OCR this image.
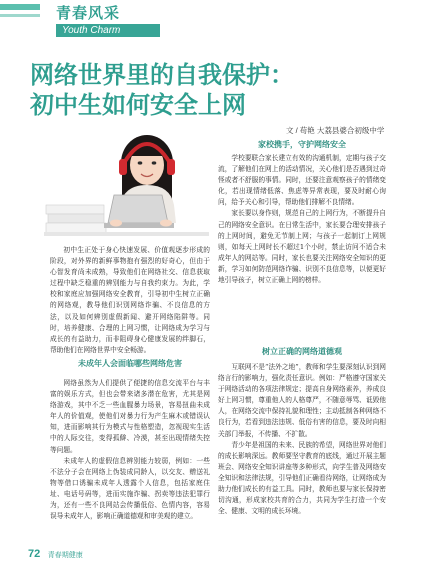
青春风采
Youth Charm
网络世界里的自我保护：
初中生如何安全上网
文 / 苟艳 大荔县婆合初级中学
家校携手，守护网络安全

学校要联合家长建立有效的沟通机制，定期与孩子交流，了解他们在网上的活动情况，关心他们是否遇到过奇怪或者不舒服的事情。同时，还要注意观察孩子的情绪变化，若出现情绪低落、焦虑等异常表现，要及时耐心询问，给予关心和引导，帮助他们排解不良情绪。

家长要以身作则，规范自己的上网行为，不断提升自己的网络安全意识。在日常生活中，家长要合理安排孩子的上网时间，避免无节制上网；与孩子一起制订上网规则，如每天上网时长不超过1个小时，禁止访问不适合未成年人的网站等。同时，家长也要关注网络安全知识的更新，学习如何防范网络诈骗、识别不良信息等，以便更好地引导孩子，树立正确上网的榜样。

初中生正处于身心快速发展、价值观逐步形成的阶段，对外界的新鲜事物抱有强烈的好奇心，但由于心智发育尚未成熟，导致他们在网络社交、信息获取过程中缺乏稳重的辨别能力与自我约束力。为此，学校和家庭应加强网络安全教育，引导初中生树立正确的网络观，教导他们识别网络诈骗、不良信息的方法，以及如何辨别虚假新闻、避开网络陷阱等。同时，培养健康、合理的上网习惯，让网络成为学习与成长的有益助力，而非阻碍身心健康发展的绊脚石，帮助他们在网络世界中安全畅游。

未成年人会面临哪些网络危害

网络虽然为人们提供了便捷的信息交流平台与丰富的娱乐方式，但也会带来诸多潜在危害，尤其是网络游戏，其中不乏一些血腥暴力场景，容易扭曲未成年人的价值观，使他们对暴力行为产生麻木或错误认知，进而影响其行为模式与性格塑造，忽视现实生活中的人际交往，变得孤僻、冷漠，甚至出现情绪失控等问题。

未成年人的虚假信息辨别能力较弱，例如：一些不法分子会在网络上伪装成同龄人，以交友、赠送礼物等借口诱骗未成年人透露个人信息，包括家庭住址、电话号码等，进而实施诈骗、拐卖等违法犯罪行为，还有一些不良网站会传播低俗、色情内容，容易误导未成年人，影响正确道德观和审美观的建立。

树立正确的网络道德观

互联网不是“法外之地”，教师和学生要深刻认识到网络言行的影响力，强化责任意识。例如：严格遵守国家关于网络活动的各项法律规定；提高自身网络素养，养成良好上网习惯，尊重他人的人格尊严，不随意辱骂、诋毁他人，在网络交流中保持礼貌和理性；主动抵制各种网络不良行为，若看到违法违规、低俗有害的信息，要及时向相关部门举报，不传播、不扩散。

青少年是祖国的未来、民族的希望，网络世界对他们的成长影响深远。教师要坚守教育的底线，通过开展主题班会、网络安全知识讲座等多种形式，向学生普及网络安全知识和法律法规，引导他们正确看待网络，让网络成为助力他们成长的有益工具。同时，教师也要与家长保持密切沟通，形成家校共育的合力，共同为学生打造一个安全、健康、文明的成长环境。

72 青春期健康
